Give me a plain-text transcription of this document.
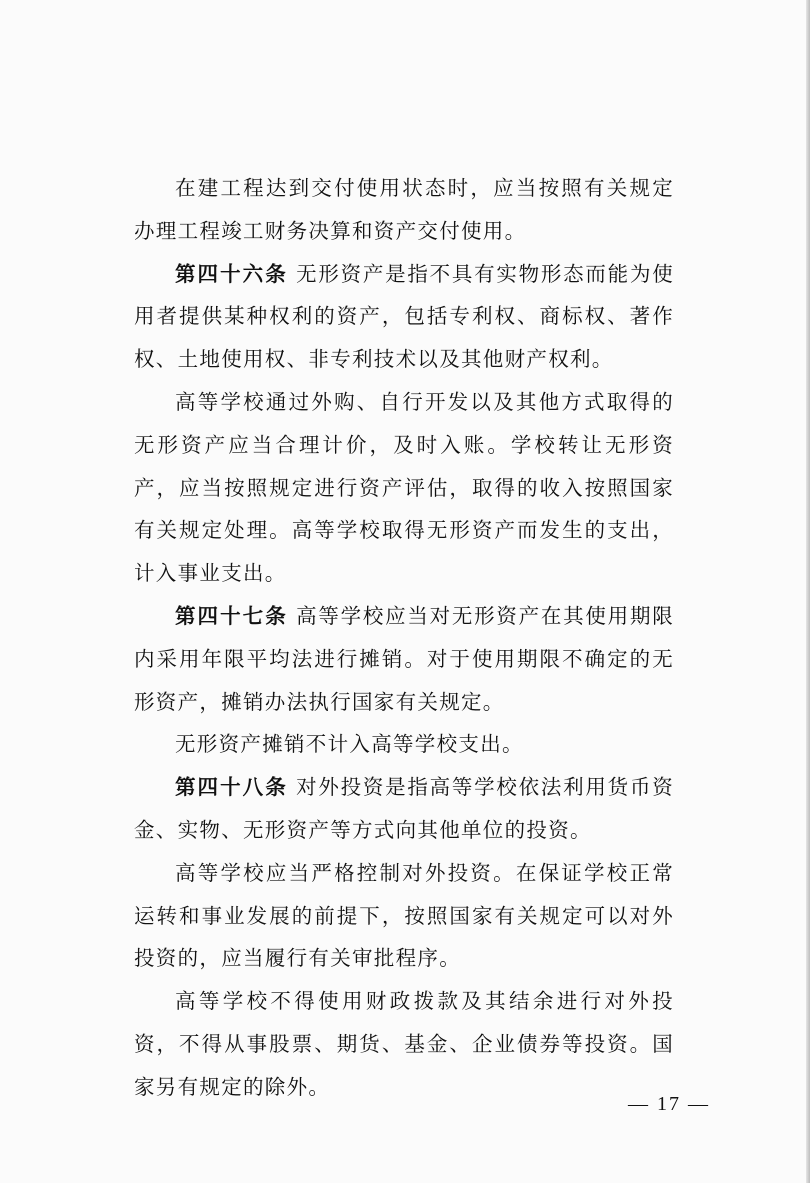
在建工程达到交付使用状态时，应当按照有关规定办理工程竣工财务决算和资产交付使用。

第四十六条 无形资产是指不具有实物形态而能为使用者提供某种权利的资产，包括专利权、商标权、著作权、土地使用权、非专利技术以及其他财产权利。

高等学校通过外购、自行开发以及其他方式取得的无形资产应当合理计价，及时入账。学校转让无形资产，应当按照规定进行资产评估，取得的收入按照国家有关规定处理。高等学校取得无形资产而发生的支出，计入事业支出。

第四十七条 高等学校应当对无形资产在其使用期限内采用年限平均法进行摊销。对于使用期限不确定的无形资产，摊销办法执行国家有关规定。

无形资产摊销不计入高等学校支出。

第四十八条 对外投资是指高等学校依法利用货币资金、实物、无形资产等方式向其他单位的投资。

高等学校应当严格控制对外投资。在保证学校正常运转和事业发展的前提下，按照国家有关规定可以对外投资的，应当履行有关审批程序。

高等学校不得使用财政拨款及其结余进行对外投资，不得从事股票、期货、基金、企业债券等投资。国家另有规定的除外。

— 17 —
